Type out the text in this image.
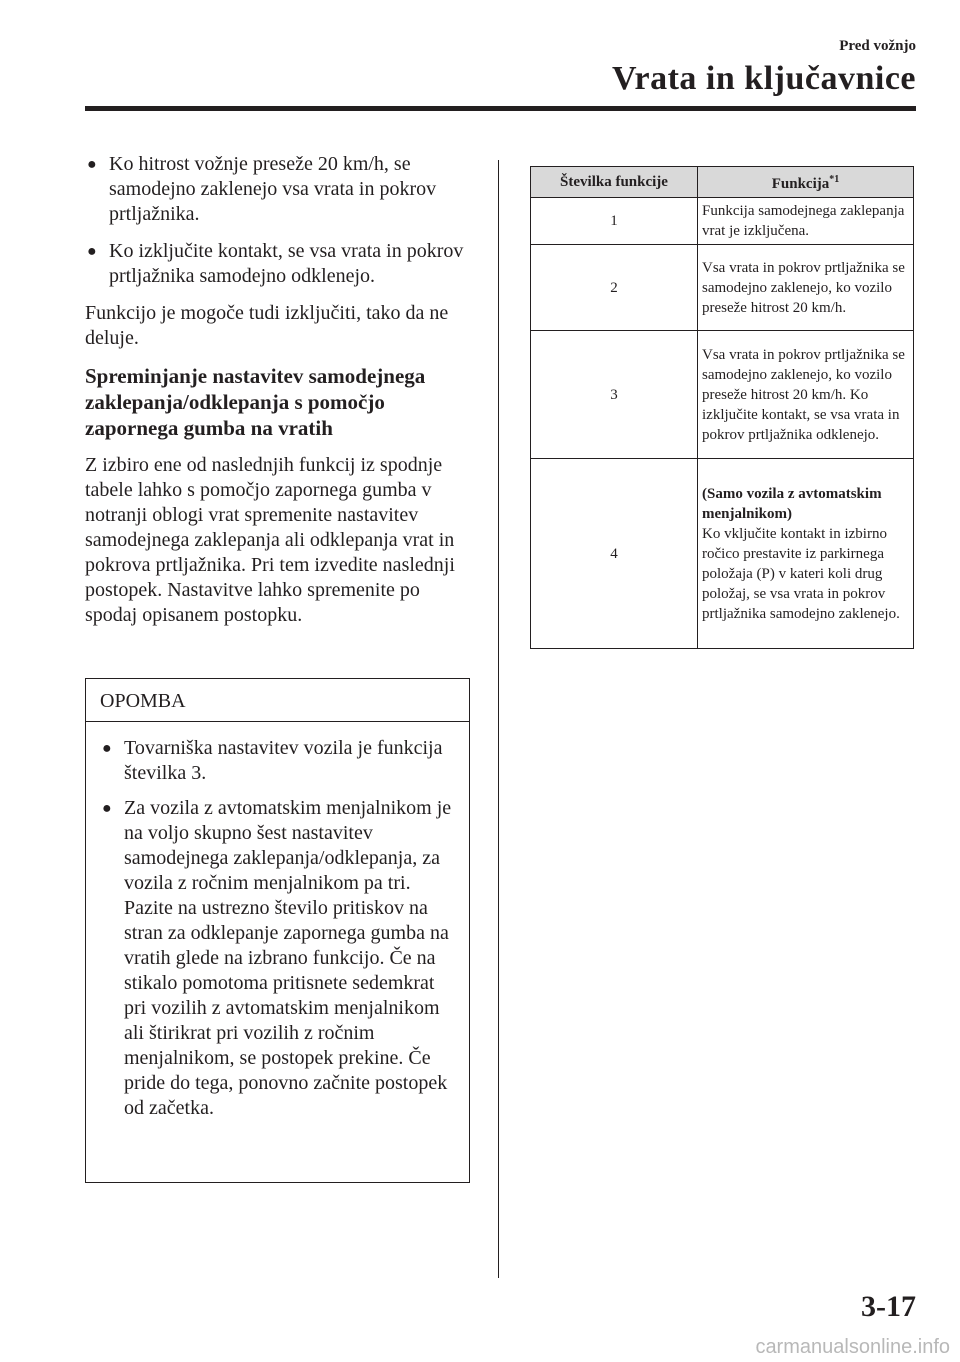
Pred vožnjo
Vrata in ključavnice
● Ko hitrost vožnje preseže 20 km/h, se samodejno zaklenejo vsa vrata in pokrov prtljažnika.
● Ko izključite kontakt, se vsa vrata in pokrov prtljažnika samodejno odklenejo.

Funkcijo je mogoče tudi izključiti, tako da ne deluje.

Spreminjanje nastavitev samodejnega zaklepanja/odklepanja s pomočjo zapornega gumba na vratih

Z izbiro ene od naslednjih funkcij iz spodnje tabele lahko s pomočjo zapornega gumba v notranji oblogi vrat spremenite nastavitev samodejnega zaklepanja ali odklepanja vrat in pokrova prtljažnika. Pri tem izvedite naslednji postopek. Nastavitve lahko spremenite po spodaj opisanem postopku.

OPOMBA
● Tovarniška nastavitev vozila je funkcija številka 3.
● Za vozila z avtomatskim menjalnikom je na voljo skupno šest nastavitev samodejnega zaklepanja/odklepanja, za vozila z ročnim menjalnikom pa tri. Pazite na ustrezno število pritiskov na stran za odklepanje zapornega gumba na vratih glede na izbrano funkcijo. Če na stikalo pomotoma pritisnete sedemkrat pri vozilih z avtomatskim menjalnikom ali štirikrat pri vozilih z ročnim menjalnikom, se postopek prekine. Če pride do tega, ponovno začnite postopek od začetka.
Številka funkcije	Funkcija$^{*1}$
1	Funkcija samodejnega zaklepanja vrat je izključena.
2	Vsa vrata in pokrov prtljažnika se samodejno zaklenejo, ko vozilo preseže hitrost 20 km/h.
3	Vsa vrata in pokrov prtljažnika se samodejno zaklenejo, ko vozilo preseže hitrost 20 km/h. Ko izključite kontakt, se vsa vrata in pokrov prtljažnika odklenejo.
4	(Samo vozila z avtomatskim menjalnikom)
Ko vključite kontakt in izbirno ročico prestavite iz parkirnega položaja (P) v kateri koli drug položaj, se vsa vrata in pokrov prtljažnika samodejno zaklenejo.
3-17
carmanualsonline.info
